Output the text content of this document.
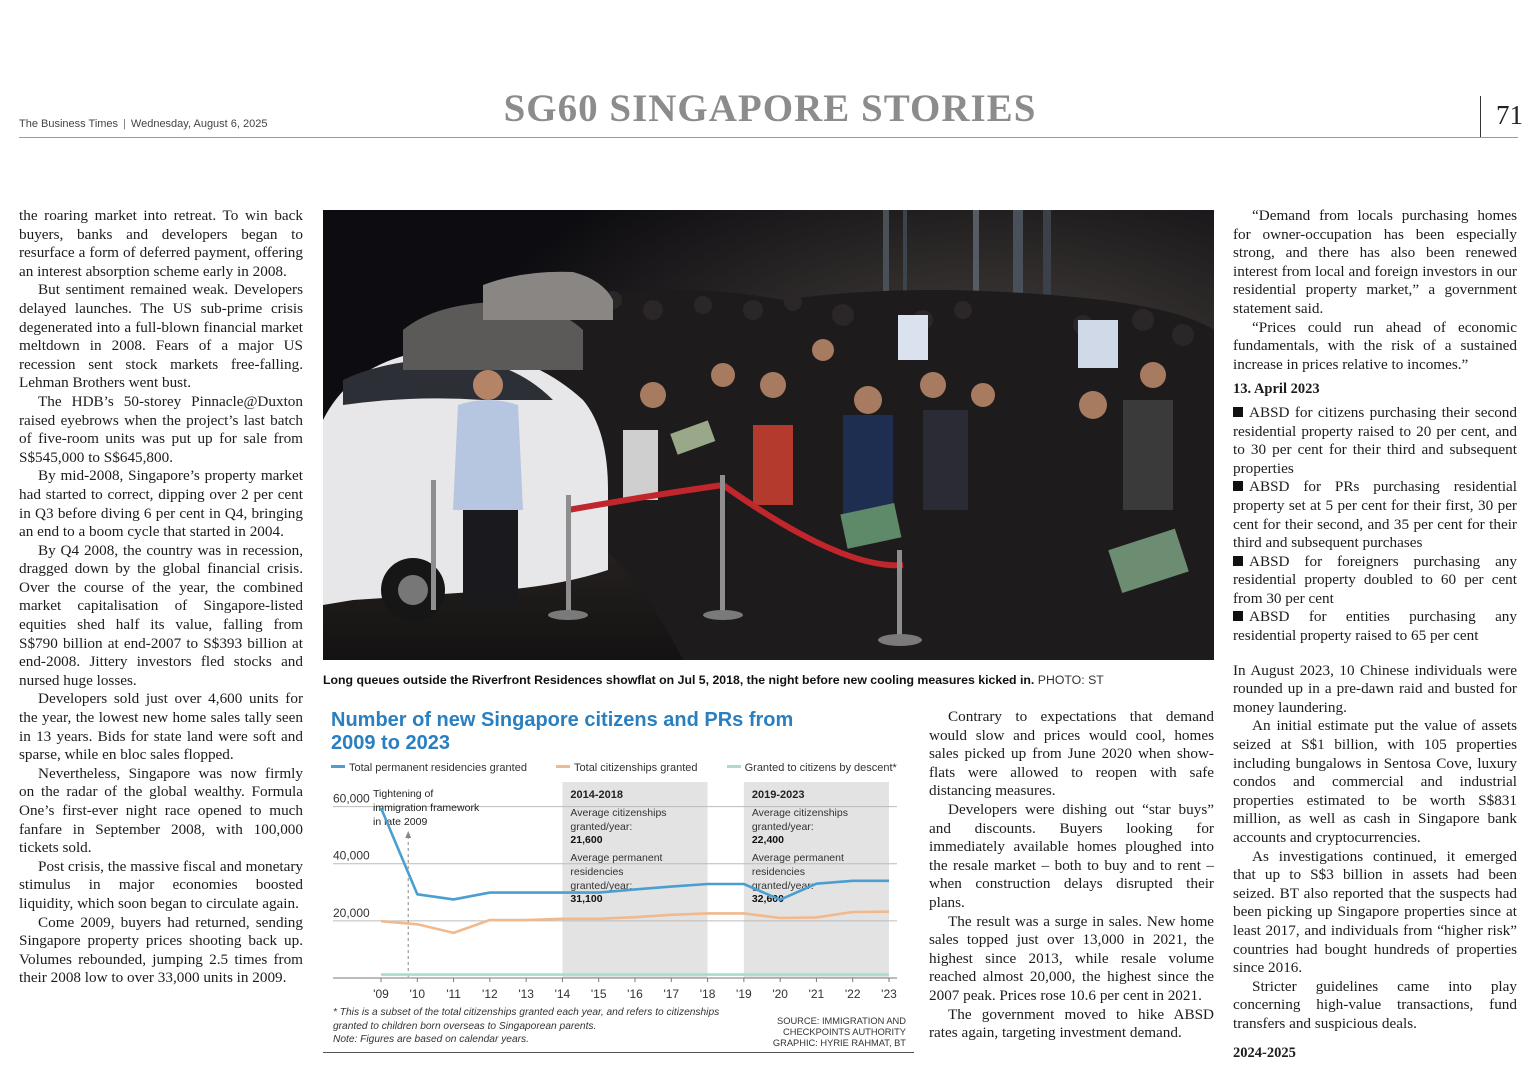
The Business Times | Wednesday, August 6, 2025	SG60 SINGAPORE STORIES	71

the roaring market into retreat. To win back buyers, banks and developers began to resurface a form of deferred payment, offering an interest absorption scheme early in 2008.

But sentiment remained weak. Developers delayed launches. The US sub-prime crisis degenerated into a full-blown financial market meltdown in 2008. Fears of a major US recession sent stock markets free-falling. Lehman Brothers went bust.

The HDB’s 50-storey Pinnacle@Duxton raised eyebrows when the project’s last batch of five-room units was put up for sale from S$545,000 to S$645,800.

By mid-2008, Singapore’s property market had started to correct, dipping over 2 per cent in Q3 before diving 6 per cent in Q4, bringing an end to a boom cycle that started in 2004.

By Q4 2008, the country was in recession, dragged down by the global financial crisis. Over the course of the year, the combined market capitalisation of Singapore-listed equities shed half its value, falling from S$790 billion at end-2007 to S$393 billion at end-2008. Jittery investors fled stocks and nursed huge losses.

Developers sold just over 4,600 units for the year, the lowest new home sales tally seen in 13 years. Bids for state land were soft and sparse, while en bloc sales flopped.

Nevertheless, Singapore was now firmly on the radar of the global wealthy. Formula One’s first-ever night race opened to much fanfare in September 2008, with 100,000 tickets sold.

Post crisis, the massive fiscal and monetary stimulus in major economies boosted liquidity, which soon began to circulate again.

Come 2009, buyers had returned, sending Singapore property prices shooting back up. Volumes rebounded, jumping 2.5 times from their 2008 low to over 33,000 units in 2009.

Long queues outside the Riverfront Residences showflat on Jul 5, 2018, the night before new cooling measures kicked in. PHOTO: ST
Number of new Singapore citizens and PRs from 2009 to 2023
Total permanent residencies granted	Total citizenships granted	Granted to citizens by descent*
2014-2018
Average citizenships
granted/year:
21,600
Average permanent
residencies
granted/year:
31,100
2019-2023
Average citizenships
granted/year:
22,400
Average permanent
residencies
granted/year:
32,600
20,000
40,000
60,000
'09 '10 '11 '12 '13 '14 '15 '16 '17 '18 '19 '20 '21 '22 '23
Tightening of
immigration framework
in late 2009
* This is a subset of the total citizenships granted each year, and refers to citizenships granted to children born overseas to Singaporean parents.
Note: Figures are based on calendar years.
SOURCE: IMMIGRATION AND
CHECKPOINTS AUTHORITY
GRAPHIC: HYRIE RAHMAT, BT

Contrary to expectations that demand would slow and prices would cool, homes sales picked up from June 2020 when show-flats were allowed to reopen with safe distancing measures.

Developers were dishing out “star buys” and discounts. Buyers looking for immediately available homes ploughed into the resale market – both to buy and to rent – when construction delays disrupted their plans.

The result was a surge in sales. New home sales topped just over 13,000 in 2021, the highest since 2013, while resale volume reached almost 20,000, the highest since the 2007 peak. Prices rose 10.6 per cent in 2021.

The government moved to hike ABSD rates again, targeting investment demand.

“Demand from locals purchasing homes for owner-occupation has been especially strong, and there has also been renewed interest from local and foreign investors in our residential property market,” a government statement said.

“Prices could run ahead of economic fundamentals, with the risk of a sustained increase in prices relative to incomes.”

13. April 2023

ABSD for citizens purchasing their second residential property raised to 20 per cent, and to 30 per cent for their third and subsequent properties

ABSD for PRs purchasing residential property set at 5 per cent for their first, 30 per cent for their second, and 35 per cent for their third and subsequent purchases

ABSD for foreigners purchasing any residential property doubled to 60 per cent from 30 per cent

ABSD for entities purchasing any residential property raised to 65 per cent

In August 2023, 10 Chinese individuals were rounded up in a pre-dawn raid and busted for money laundering.

An initial estimate put the value of assets seized at S$1 billion, with 105 properties including bungalows in Sentosa Cove, luxury condos and commercial and industrial properties estimated to be worth S$831 million, as well as cash in Singapore bank accounts and cryptocurrencies.

As investigations continued, it emerged that up to S$3 billion in assets had been seized. BT also reported that the suspects had been picking up Singapore properties since at least 2017, and individuals from “higher risk” countries had bought hundreds of properties since 2016.

Stricter guidelines came into play concerning high-value transactions, fund transfers and suspicious deals.

2024-2025
